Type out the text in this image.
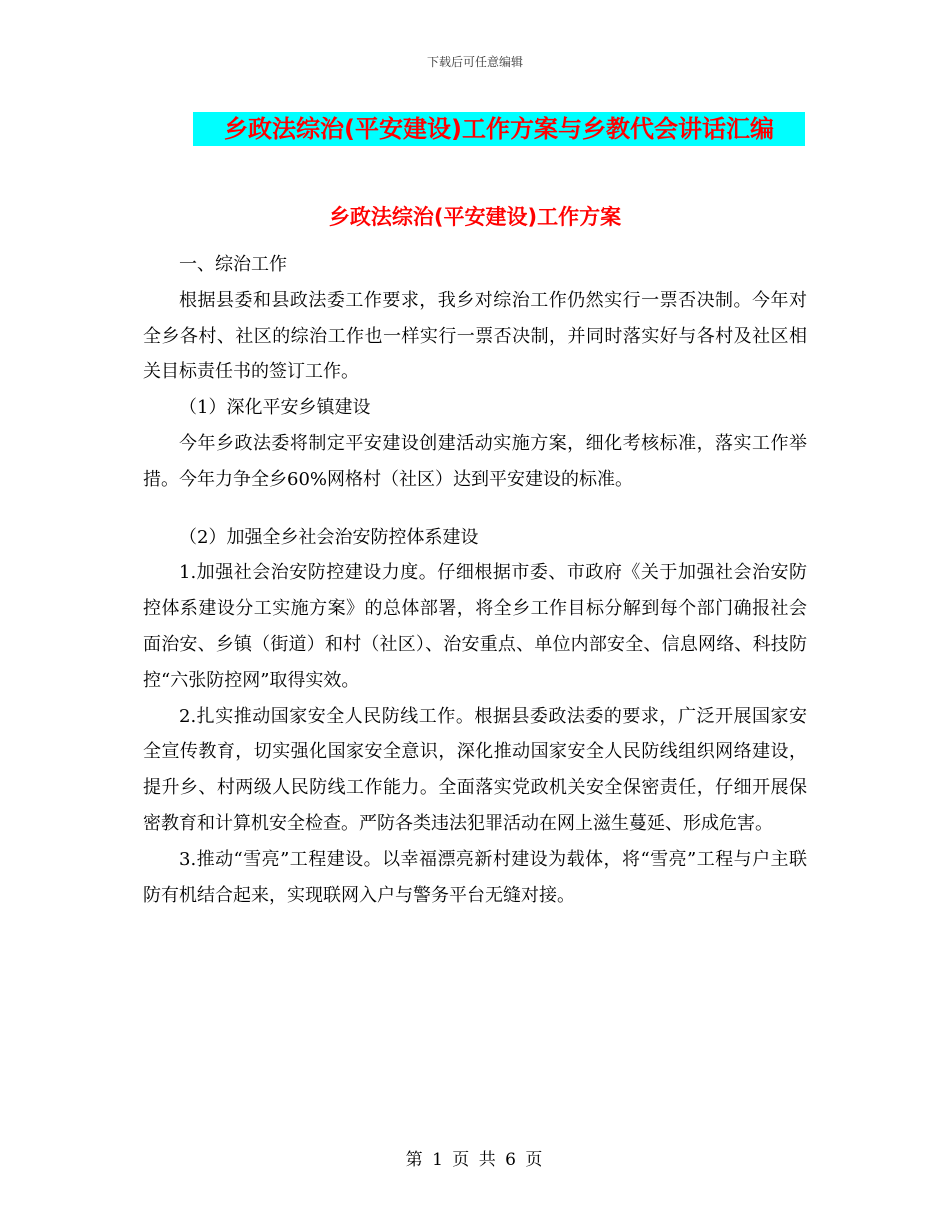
下载后可任意编辑
乡政法综治(平安建设)工作方案与乡教代会讲话汇编
乡政法综治(平安建设)工作方案

一、综治工作

根据县委和县政法委工作要求，我乡对综治工作仍然实行一票否决制。今年对全乡各村、社区的综治工作也一样实行一票否决制，并同时落实好与各村及社区相关目标责任书的签订工作。

（1）深化平安乡镇建设

今年乡政法委将制定平安建设创建活动实施方案，细化考核标准，落实工作举措。今年力争全乡60%网格村（社区）达到平安建设的标准。

（2）加强全乡社会治安防控体系建设

1.加强社会治安防控建设力度。仔细根据市委、市政府《关于加强社会治安防控体系建设分工实施方案》的总体部署，将全乡工作目标分解到每个部门确报社会面治安、乡镇（街道）和村（社区）、治安重点、单位内部安全、信息网络、科技防控“六张防控网”取得实效。

2.扎实推动国家安全人民防线工作。根据县委政法委的要求，广泛开展国家安全宣传教育，切实强化国家安全意识，深化推动国家安全人民防线组织网络建设，提升乡、村两级人民防线工作能力。全面落实党政机关安全保密责任，仔细开展保密教育和计算机安全检查。严防各类违法犯罪活动在网上滋生蔓延、形成危害。

3.推动“雪亮”工程建设。以幸福漂亮新村建设为载体，将“雪亮”工程与户主联防有机结合起来，实现联网入户与警务平台无缝对接。

第 1 页 共 6 页
